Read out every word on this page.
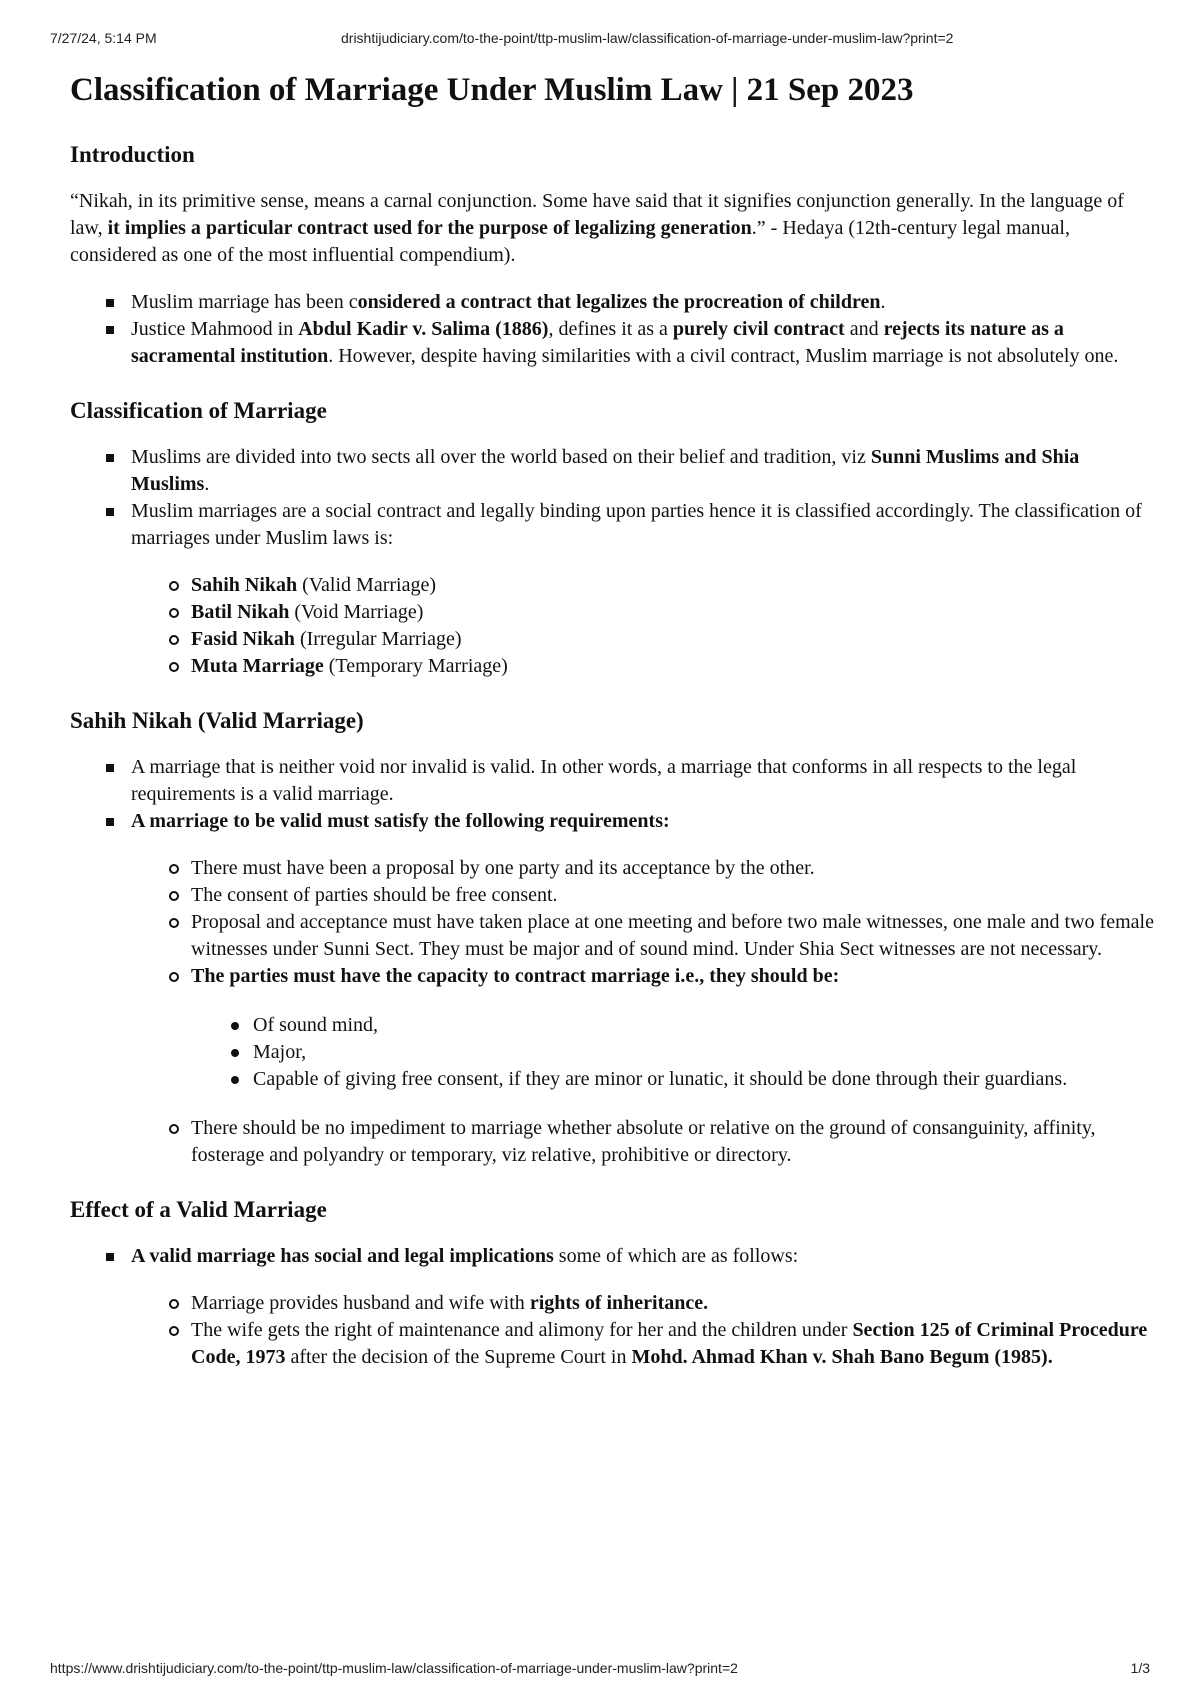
7/27/24, 5:14 PM	drishtijudiciary.com/to-the-point/ttp-muslim-law/classification-of-marriage-under-muslim-law?print=2
Classification of Marriage Under Muslim Law | 21 Sep 2023
Introduction

“Nikah, in its primitive sense, means a carnal conjunction. Some have said that it signifies conjunction generally. In the language of law, it implies a particular contract used for the purpose of legalizing generation.” - Hedaya (12th-century legal manual, considered as one of the most influential compendium).

Muslim marriage has been considered a contract that legalizes the procreation of children.
Justice Mahmood in Abdul Kadir v. Salima (1886), defines it as a purely civil contract and rejects its nature as a sacramental institution. However, despite having similarities with a civil contract, Muslim marriage is not absolutely one.
Classification of Marriage
Muslims are divided into two sects all over the world based on their belief and tradition, viz Sunni Muslims and Shia Muslims.
Muslim marriages are a social contract and legally binding upon parties hence it is classified accordingly. The classification of marriages under Muslim laws is:
Sahih Nikah (Valid Marriage)
Batil Nikah (Void Marriage)
Fasid Nikah (Irregular Marriage)
Muta Marriage (Temporary Marriage)
Sahih Nikah (Valid Marriage)
A marriage that is neither void nor invalid is valid. In other words, a marriage that conforms in all respects to the legal requirements is a valid marriage.
A marriage to be valid must satisfy the following requirements:
There must have been a proposal by one party and its acceptance by the other.
The consent of parties should be free consent.
Proposal and acceptance must have taken place at one meeting and before two male witnesses, one male and two female witnesses under Sunni Sect. They must be major and of sound mind. Under Shia Sect witnesses are not necessary.
The parties must have the capacity to contract marriage i.e., they should be:
Of sound mind,
Major,
Capable of giving free consent, if they are minor or lunatic, it should be done through their guardians.
There should be no impediment to marriage whether absolute or relative on the ground of consanguinity, affinity, fosterage and polyandry or temporary, viz relative, prohibitive or directory.
Effect of a Valid Marriage
A valid marriage has social and legal implications some of which are as follows:
Marriage provides husband and wife with rights of inheritance.
The wife gets the right of maintenance and alimony for her and the children under Section 125 of Criminal Procedure Code, 1973 after the decision of the Supreme Court in Mohd. Ahmad Khan v. Shah Bano Begum (1985).
https://www.drishtijudiciary.com/to-the-point/ttp-muslim-law/classification-of-marriage-under-muslim-law?print=2	1/3
